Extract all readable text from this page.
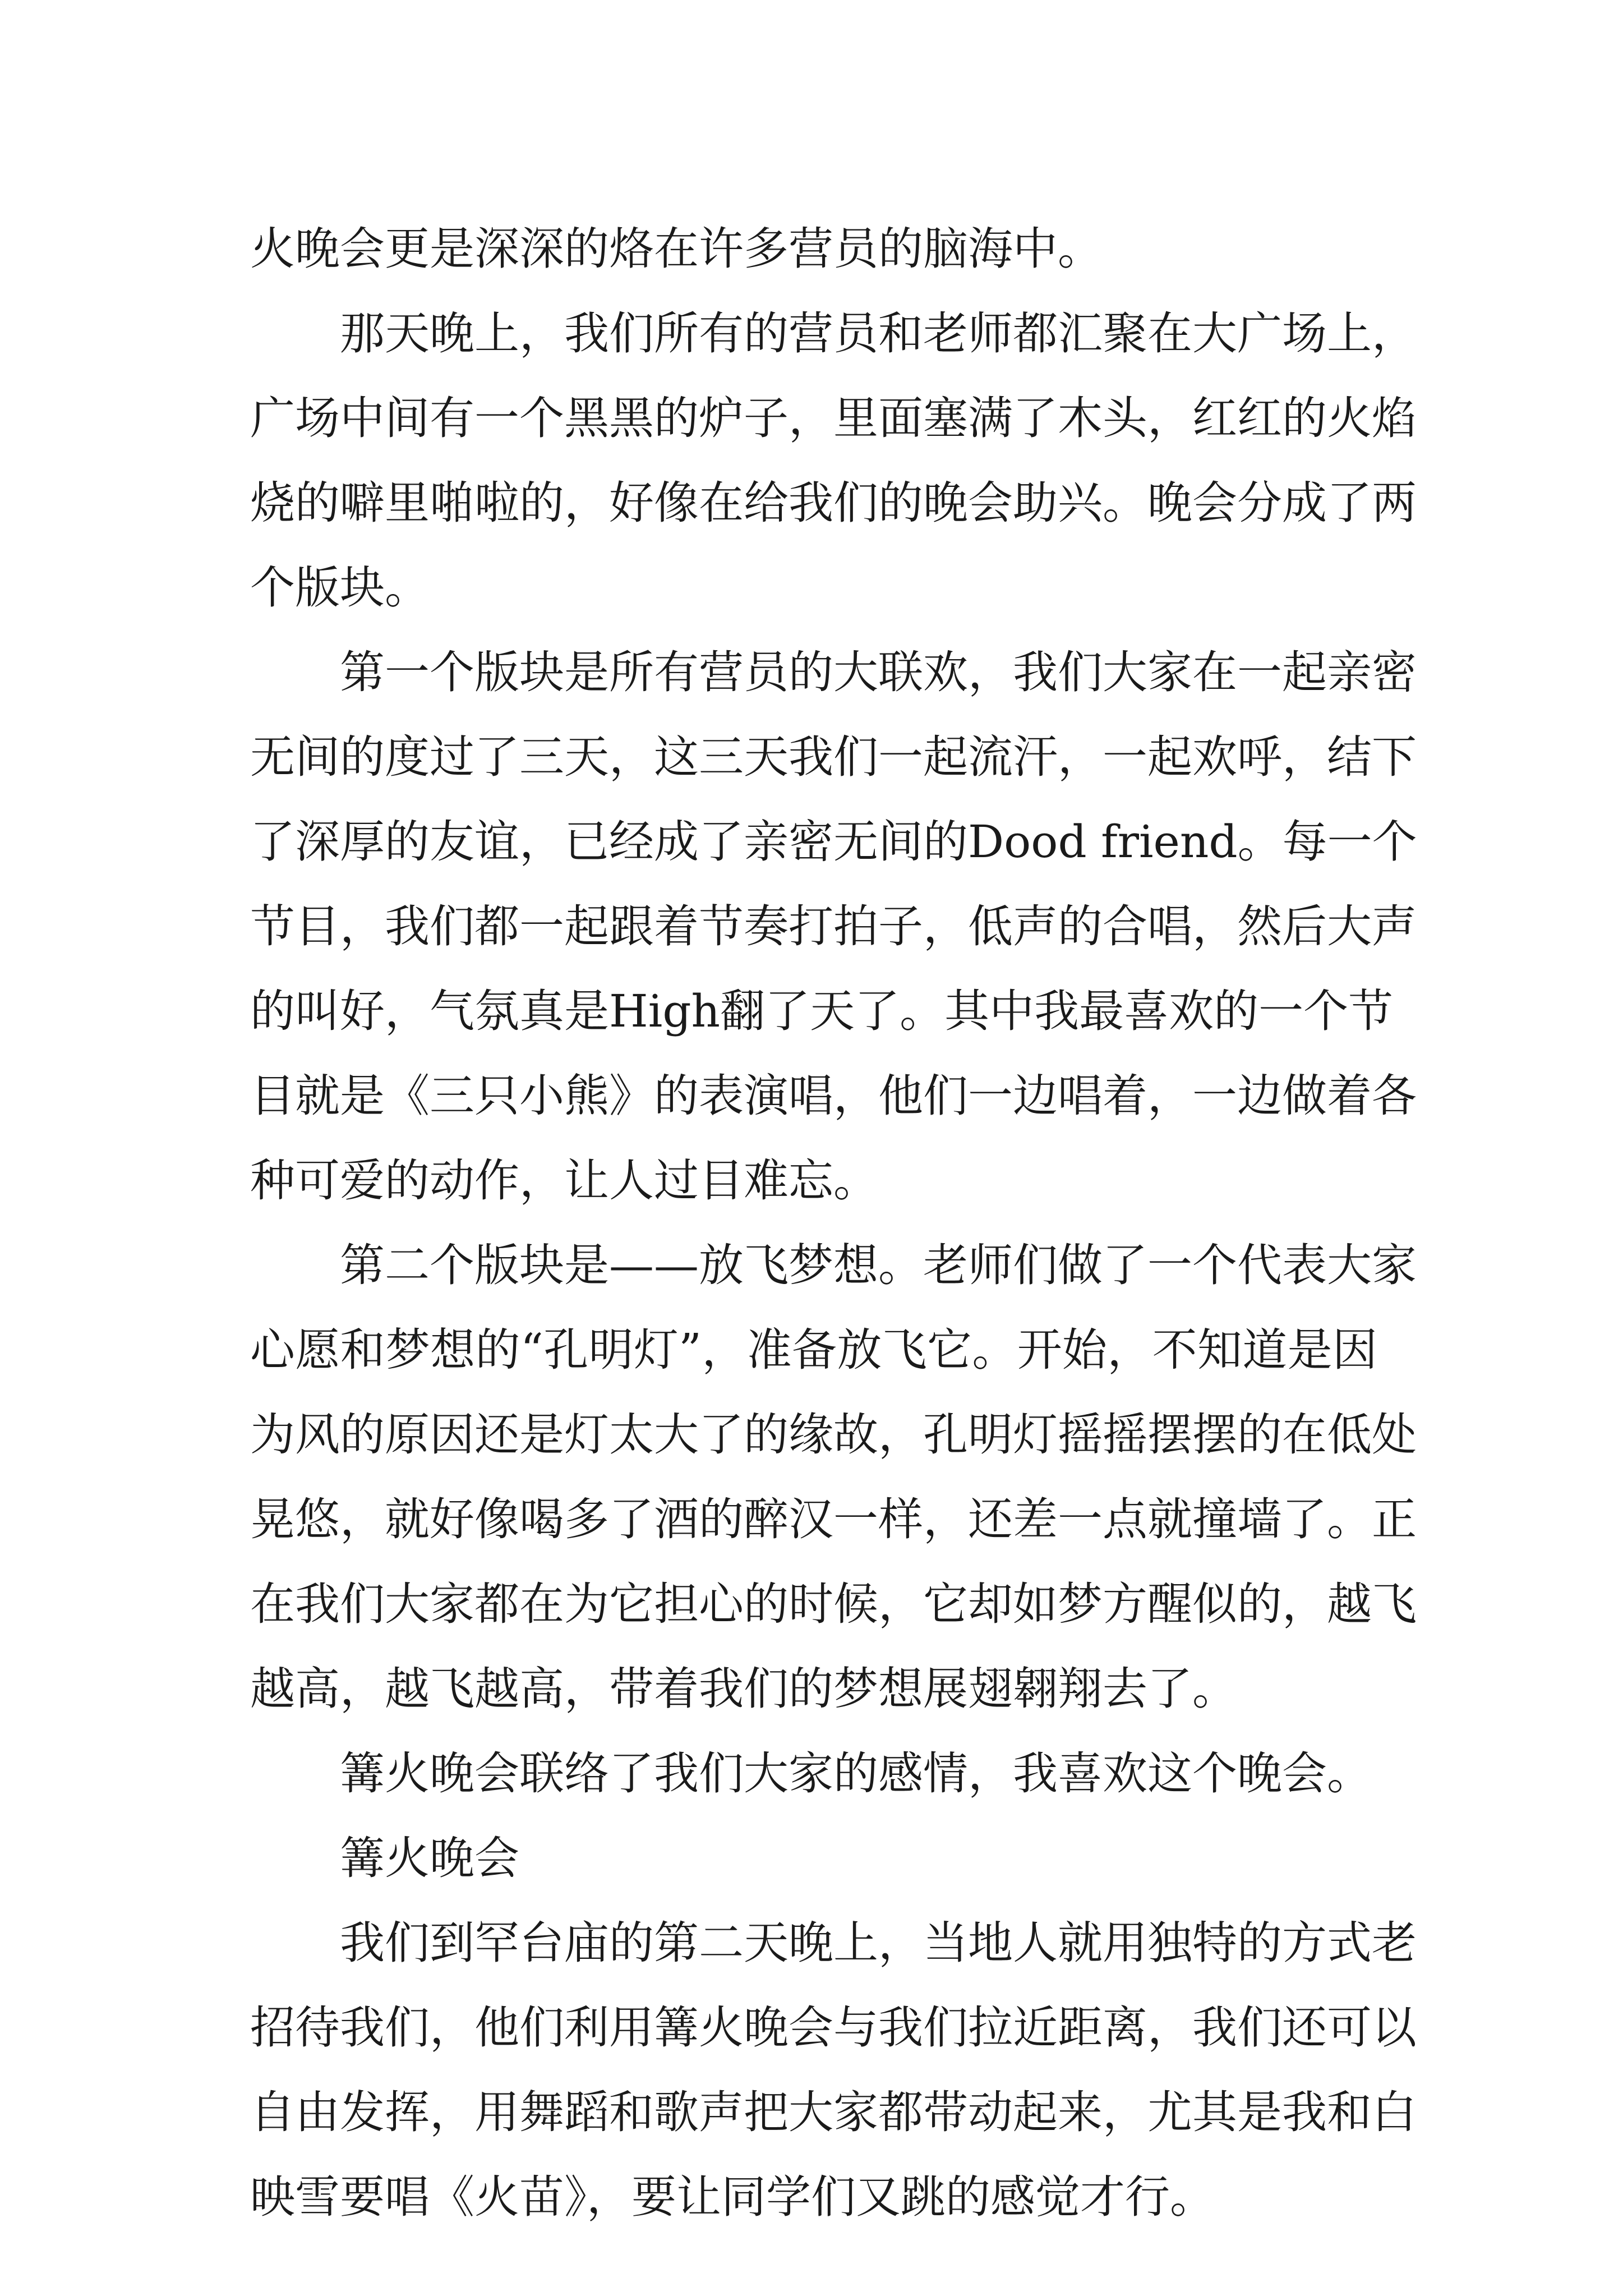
火晚会更是深深的烙在许多营员的脑海中。
那天晚上，我们所有的营员和老师都汇聚在大广场上，
广场中间有一个黑黑的炉子，里面塞满了木头，红红的火焰
烧的噼里啪啦的，好像在给我们的晚会助兴。晚会分成了两
个版块。
第一个版块是所有营员的大联欢，我们大家在一起亲密
无间的度过了三天，这三天我们一起流汗，一起欢呼，结下
了深厚的友谊，已经成了亲密无间的Dood friend。每一个
节目，我们都一起跟着节奏打拍子，低声的合唱，然后大声
的叫好，气氛真是High翻了天了。其中我最喜欢的一个节
目就是《三只小熊》的表演唱，他们一边唱着，一边做着各
种可爱的动作，让人过目难忘。
第二个版块是——放飞梦想。老师们做了一个代表大家
心愿和梦想的“孔明灯”，准备放飞它。开始，不知道是因
为风的原因还是灯太大了的缘故，孔明灯摇摇摆摆的在低处
晃悠，就好像喝多了酒的醉汉一样，还差一点就撞墙了。正
在我们大家都在为它担心的时候，它却如梦方醒似的，越飞
越高，越飞越高，带着我们的梦想展翅翱翔去了。
篝火晚会联络了我们大家的感情，我喜欢这个晚会。
篝火晚会
我们到罕台庙的第二天晚上，当地人就用独特的方式老
招待我们，他们利用篝火晚会与我们拉近距离，我们还可以
自由发挥，用舞蹈和歌声把大家都带动起来，尤其是我和白
映雪要唱《火苗》，要让同学们又跳的感觉才行。
